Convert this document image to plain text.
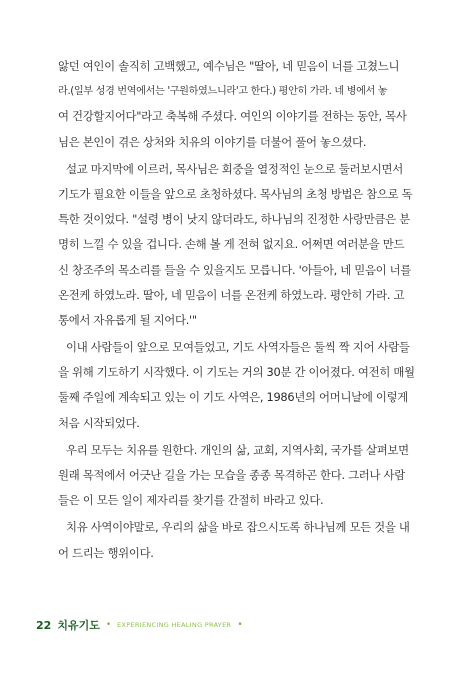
앓던 여인이 솔직히 고백했고, 예수님은 "딸아, 네 믿음이 너를 고쳤느니
라.(일부 성경 번역에서는 '구원하였느니라'고 한다.) 평안히 가라. 네 병에서 놓
여 건강할지어다"라고 축복해 주셨다. 여인의 이야기를 전하는 동안, 목사
님은 본인이 겪은 상처와 치유의 이야기를 더불어 풀어 놓으셨다.
설교 마지막에 이르러, 목사님은 회중을 열정적인 눈으로 둘러보시면서
기도가 필요한 이들을 앞으로 초청하셨다. 목사님의 초청 방법은 참으로 독
특한 것이었다. "설령 병이 낫지 않더라도, 하나님의 진정한 사랑만큼은 분
명히 느낄 수 있을 겁니다. 손해 볼 게 전혀 없지요. 어쩌면 여러분을 만드
신 창조주의 목소리를 들을 수 있을지도 모릅니다. '아들아, 네 믿음이 너를
온전케 하였노라. 딸아, 네 믿음이 너를 온전케 하였노라. 평안히 가라. 고
통에서 자유롭게 될 지어다.'"
이내 사람들이 앞으로 모여들었고, 기도 사역자들은 둘씩 짝 지어 사람들
을 위해 기도하기 시작했다. 이 기도는 거의 30분 간 이어졌다. 여전히 매월
둘째 주일에 계속되고 있는 이 기도 사역은, 1986년의 어머니날에 이렇게
처음 시작되었다.
우리 모두는 치유를 원한다. 개인의 삶, 교회, 지역사회, 국가를 살펴보면
원래 목적에서 어긋난 길을 가는 모습을 종종 목격하곤 한다. 그러나 사람
들은 이 모든 일이 제자리를 찾기를 간절히 바라고 있다.
치유 사역이야말로, 우리의 삶을 바로 잡으시도록 하나님께 모든 것을 내
어 드리는 행위이다.
22 치유기도 • EXPERIENCING HEALING PRAYER •
